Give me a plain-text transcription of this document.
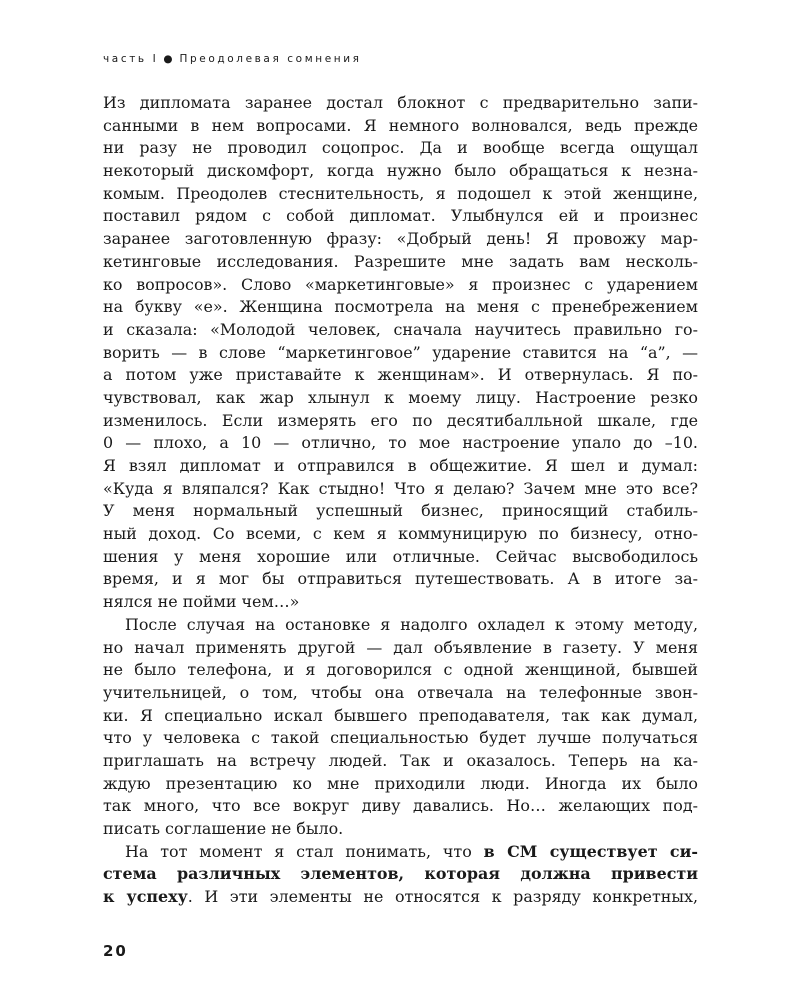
часть I ● Преодолевая сомнения
Из дипломата заранее достал блокнот с предварительно запи-
санными в нем вопросами. Я немного волновался, ведь прежде
ни разу не проводил соцопрос. Да и вообще всегда ощущал
некоторый дискомфорт, когда нужно было обращаться к незна-
комым. Преодолев стеснительность, я подошел к этой женщине,
поставил рядом с собой дипломат. Улыбнулся ей и произнес
заранее заготовленную фразу: «Добрый день! Я провожу мар-
кетинговые исследования. Разрешите мне задать вам несколь-
ко вопросов». Слово «маркетинговые» я произнес с ударением
на букву «е». Женщина посмотрела на меня с пренебрежением
и сказала: «Молодой человек, сначала научитесь правильно го-
ворить — в слове “маркетинговое” ударение ставится на “а”, —
а потом уже приставайте к женщинам». И отвернулась. Я по-
чувствовал, как жар хлынул к моему лицу. Настроение резко
изменилось. Если измерять его по десятибалльной шкале, где
0 — плохо, а 10 — отлично, то мое настроение упало до –10.
Я взял дипломат и отправился в общежитие. Я шел и думал:
«Куда я вляпался? Как стыдно! Что я делаю? Зачем мне это все?
У меня нормальный успешный бизнес, приносящий стабиль-
ный доход. Со всеми, с кем я коммуницирую по бизнесу, отно-
шения у меня хорошие или отличные. Сейчас высвободилось
время, и я мог бы отправиться путешествовать. А в итоге за-
нялся не пойми чем…»
После случая на остановке я надолго охладел к этому методу,
но начал применять другой — дал объявление в газету. У меня
не было телефона, и я договорился с одной женщиной, бывшей
учительницей, о том, чтобы она отвечала на телефонные звон-
ки. Я специально искал бывшего преподавателя, так как думал,
что у человека с такой специальностью будет лучше получаться
приглашать на встречу людей. Так и оказалось. Теперь на ка-
ждую презентацию ко мне приходили люди. Иногда их было
так много, что все вокруг диву давались. Но… желающих под-
писать соглашение не было.
На тот момент я стал понимать, что в СМ существует си-
стема различных элементов, которая должна привести
к успеху. И эти элементы не относятся к разряду конкретных,
20
